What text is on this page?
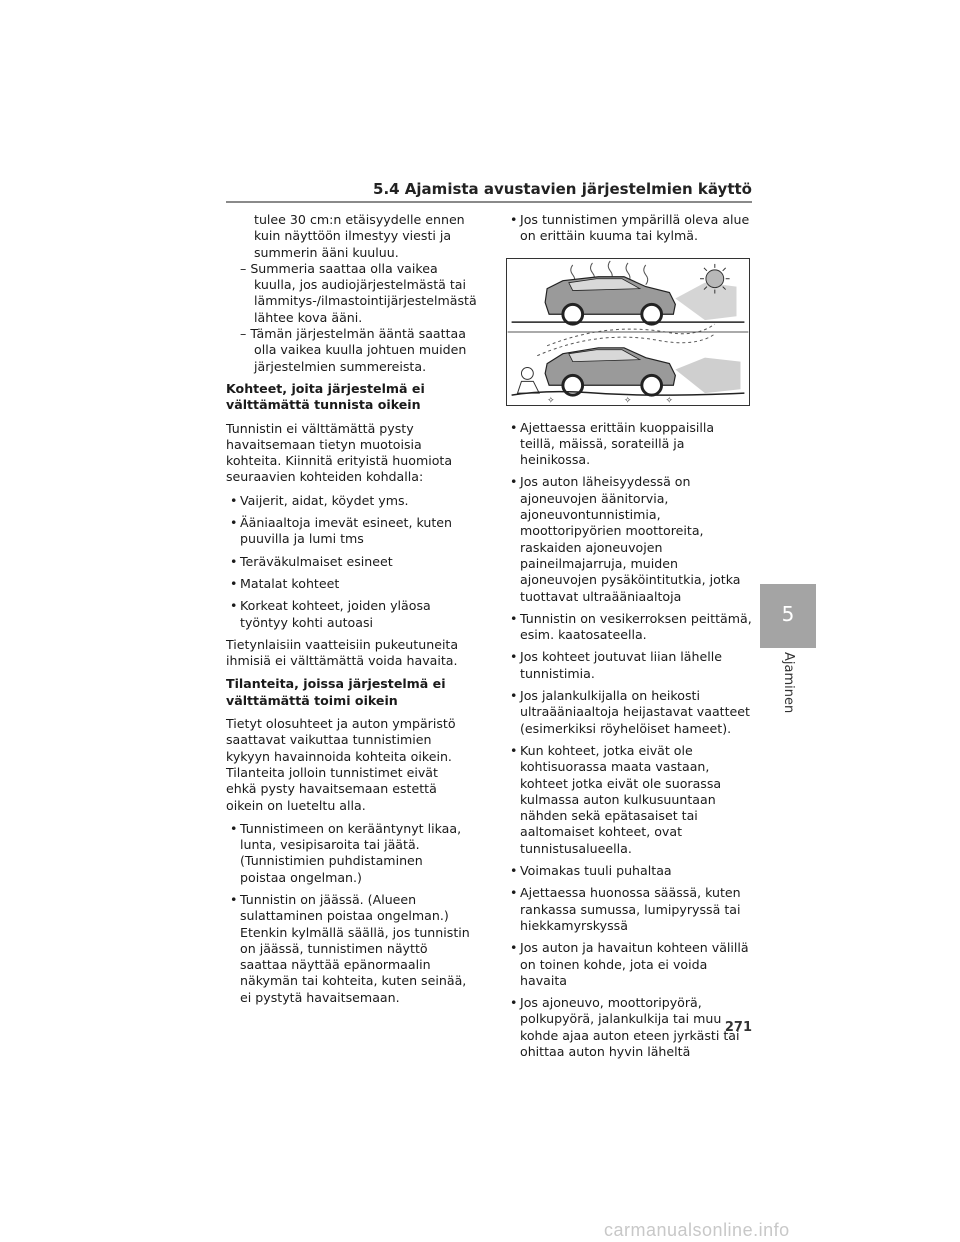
5.4 Ajamista avustavien järjestelmien käyttö

tulee 30 cm:n etäisyydelle ennen kuin näyttöön ilmestyy viesti ja summerin ääni kuuluu.

– Summeria saattaa olla vaikea kuulla, jos audiojärjestelmästä tai lämmitys-/ilmastointijärjestelmästä lähtee kova ääni.

– Tämän järjestelmän ääntä saattaa olla vaikea kuulla johtuen muiden järjestelmien summereista.

Kohteet, joita järjestelmä ei välttämättä tunnista oikein

Tunnistin ei välttämättä pysty havaitsemaan tietyn muotoisia kohteita. Kiinnitä erityistä huomiota seuraavien kohteiden kohdalla:

• Vaijerit, aidat, köydet yms.

• Ääniaaltoja imevät esineet, kuten puuvilla ja lumi tms

• Teräväkulmaiset esineet

• Matalat kohteet

• Korkeat kohteet, joiden yläosa työntyy kohti autoasi

Tietynlaisiin vaatteisiin pukeutuneita ihmisiä ei välttämättä voida havaita.

Tilanteita, joissa järjestelmä ei välttämättä toimi oikein

Tietyt olosuhteet ja auton ympäristö saattavat vaikuttaa tunnistimien kykyyn havainnoida kohteita oikein. Tilanteita jolloin tunnistimet eivät ehkä pysty havaitsemaan estettä oikein on lueteltu alla.

• Tunnistimeen on kerääntynyt likaa, lunta, vesipisaroita tai jäätä. (Tunnistimien puhdistaminen poistaa ongelman.)

• Tunnistin on jäässä. (Alueen sulattaminen poistaa ongelman.) Etenkin kylmällä säällä, jos tunnistin on jäässä, tunnistimen näyttö saattaa näyttää epänormaalin näkymän tai kohteita, kuten seinää, ei pystytä havaitsemaan.

• Jos tunnistimen ympärillä oleva alue on erittäin kuuma tai kylmä.

✧	✧	✧

• Ajettaessa erittäin kuoppaisilla teillä, mäissä, sorateillä ja heinikossa.

• Jos auton läheisyydessä on ajoneuvojen äänitorvia, ajoneuvontunnistimia, moottoripyörien moottoreita, raskaiden ajoneuvojen paineilmajarruja, muiden ajoneuvojen pysäköintitutkia, jotka tuottavat ultraääniaaltoja

• Tunnistin on vesikerroksen peittämä, esim. kaatosateella.

• Jos kohteet joutuvat liian lähelle tunnistimia.

• Jos jalankulkijalla on heikosti ultraääniaaltoja heijastavat vaatteet (esimerkiksi röyhelöiset hameet).

• Kun kohteet, jotka eivät ole kohtisuorassa maata vastaan, kohteet jotka eivät ole suorassa kulmassa auton kulkusuuntaan nähden sekä epätasaiset tai aaltomaiset kohteet, ovat tunnistusalueella.

• Voimakas tuuli puhaltaa

• Ajettaessa huonossa säässä, kuten rankassa sumussa, lumipyryssä tai hiekkamyrskyssä

• Jos auton ja havaitun kohteen välillä on toinen kohde, jota ei voida havaita

• Jos ajoneuvo, moottoripyörä, polkupyörä, jalankulkija tai muu kohde ajaa auton eteen jyrkästi tai ohittaa auton hyvin läheltä

5
Ajaminen
271
carmanualsonline.info
